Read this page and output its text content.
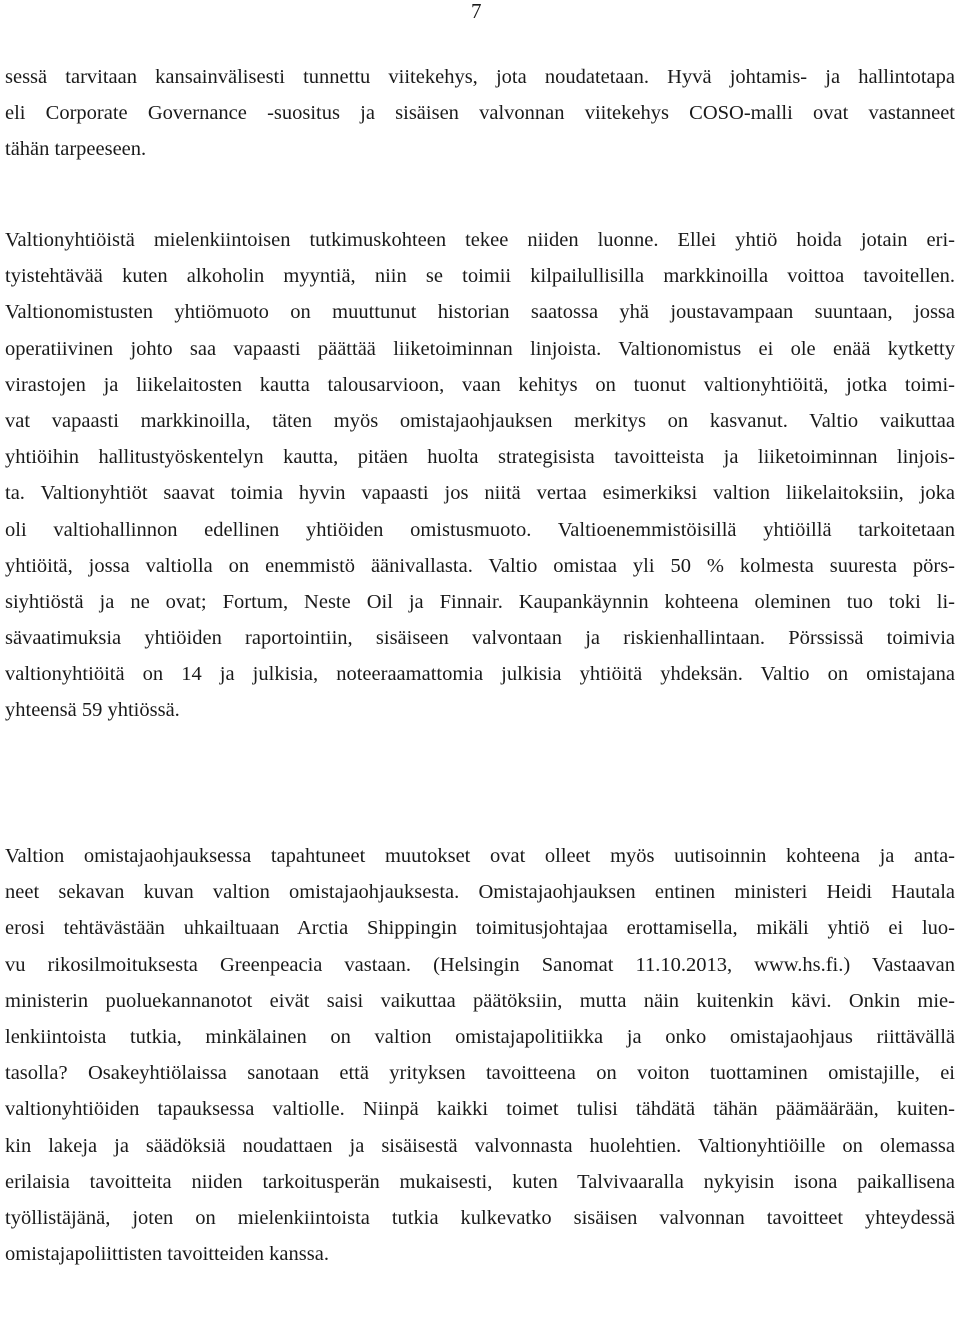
7
sessä tarvitaan kansainvälisesti tunnettu viitekehys, jota noudatetaan. Hyvä johtamis- ja hallintotapa
eli Corporate Governance -suositus ja sisäisen valvonnan viitekehys COSO-malli ovat vastanneet
tähän tarpeeseen.
Valtionyhtiöistä mielenkiintoisen tutkimuskohteen tekee niiden luonne. Ellei yhtiö hoida jotain eri-
tyistehtävää kuten alkoholin myyntiä, niin se toimii kilpailullisilla markkinoilla voittoa tavoitellen.
Valtionomistusten yhtiömuoto on muuttunut historian saatossa yhä joustavampaan suuntaan, jossa
operatiivinen johto saa vapaasti päättää liiketoiminnan linjoista. Valtionomistus ei ole enää kytketty
virastojen ja liikelaitosten kautta talousarvioon, vaan kehitys on tuonut valtionyhtiöitä, jotka toimi-
vat vapaasti markkinoilla, täten myös omistajaohjauksen merkitys on kasvanut. Valtio vaikuttaa
yhtiöihin hallitustyöskentelyn kautta, pitäen huolta strategisista tavoitteista ja liiketoiminnan linjois-
ta. Valtionyhtiöt saavat toimia hyvin vapaasti jos niitä vertaa esimerkiksi valtion liikelaitoksiin, joka
oli valtiohallinnon edellinen yhtiöiden omistusmuoto. Valtioenemmistöisillä yhtiöillä tarkoitetaan
yhtiöitä, jossa valtiolla on enemmistö äänivallasta. Valtio omistaa yli 50 % kolmesta suuresta pörs-
siyhtiöstä ja ne ovat; Fortum, Neste Oil ja Finnair. Kaupankäynnin kohteena oleminen tuo toki li-
sävaatimuksia yhtiöiden raportointiin, sisäiseen valvontaan ja riskienhallintaan. Pörssissä toimivia
valtionyhtiöitä on 14 ja julkisia, noteeraamattomia julkisia yhtiöitä yhdeksän. Valtio on omistajana
yhteensä 59 yhtiössä.
Valtion omistajaohjauksessa tapahtuneet muutokset ovat olleet myös uutisoinnin kohteena ja anta-
neet sekavan kuvan valtion omistajaohjauksesta. Omistajaohjauksen entinen ministeri Heidi Hautala
erosi tehtävästään uhkailtuaan Arctia Shippingin toimitusjohtajaa erottamisella, mikäli yhtiö ei luo-
vu rikosilmoituksesta Greenpeacia vastaan. (Helsingin Sanomat 11.10.2013, www.hs.fi.) Vastaavan
ministerin puoluekannanotot eivät saisi vaikuttaa päätöksiin, mutta näin kuitenkin kävi. Onkin mie-
lenkiintoista tutkia, minkälainen on valtion omistajapolitiikka ja onko omistajaohjaus riittävällä
tasolla? Osakeyhtiölaissa sanotaan että yrityksen tavoitteena on voiton tuottaminen omistajille, ei
valtionyhtiöiden tapauksessa valtiolle. Niinpä kaikki toimet tulisi tähdätä tähän päämäärään, kuiten-
kin lakeja ja säädöksiä noudattaen ja sisäisestä valvonnasta huolehtien. Valtionyhtiöille on olemassa
erilaisia tavoitteita niiden tarkoitusperän mukaisesti, kuten Talvivaaralla nykyisin isona paikallisena
työllistäjänä, joten on mielenkiintoista tutkia kulkevatko sisäisen valvonnan tavoitteet yhteydessä
omistajapoliittisten tavoitteiden kanssa.
